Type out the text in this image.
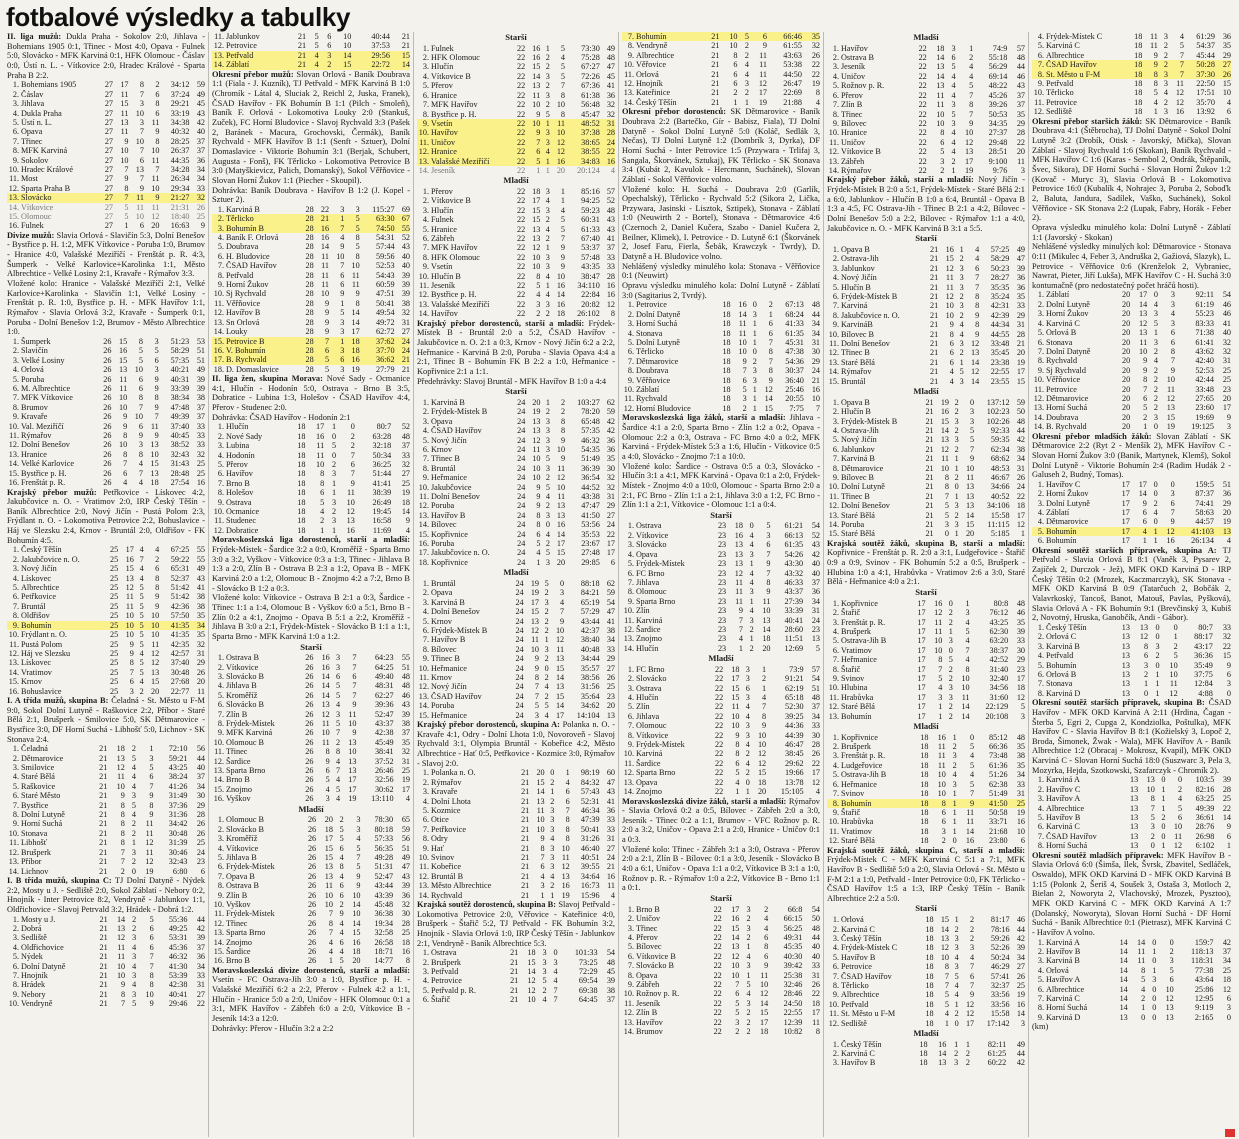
fotbalové výsledky a tabulky
II. liga mužů: Dukla Praha - Sokolov 2:0, Jihlava - Bohemians 1905 0:1, Třinec - Most 4:0, Opava - Fulnek 5:0, Slovácko - MFK Karviná 0:1, HFK Olomouc - Čáslav 0:0, Ústí n. L. - Vítkovice 2:0, Hradec Králové - Sparta Praha B 2:2.
1.	Bohemians 1905	27	17	8	2	34:12	59
2.	Čáslav	27	11	7	6	37:24	49
3.	Jihlava	27	15	3	8	29:21	45
4.	Dukla Praha	27	11	10	6	33:19	43
5.	Ústí n. L.	27	13	3	11	34:38	42
6.	Opava	27	11	7	9	40:32	40
7.	Třinec	27	9	10	8	28:25	37
8.	MFK Karviná	27	10	7	10	26:37	37
9.	Sokolov	27	10	6	11	44:35	36
10.	Hradec Králové	27	7	13	7	34:28	34
11.	Most	27	9	7	11	26:34	34
12.	Sparta Praha B	27	8	9	10	29:34	33
13.	Slovácko	27	7	11	9	21:27	32
14.	Vítkovice	27	5	11	11	21:31	26
15.	Olomouc	27	5	10	12	18:40	25
16.	Fulnek	27	1	6	20	16:63	9
Divize mužů: Slavia Orlová - Slavičín 5:3, Dolní Benešov - Bystřice p. H. 1:2, MFK Vítkovice - Poruba 1:0, Brumov - Hranice 4:0, Valašské Meziříčí - Frenštát p. R. 4:3, Šumperk - Velké Karlovice+Karolinka 1:1, Město Albrechtice - Velké Losiny 2:1, Kravaře - Rýmařov 3:3.
Vložené kolo: Hranice - Valašské Meziříčí 2:1, Velké Karlovice+Karolinka - Slavičín 1:1, Velké Losiny - Frenštát p. R. 1:0, Bystřice p. H. - MFK Havířov 1:1, Rýmařov - Slavia Orlová 3:2, Kravaře - Šumperk 0:1, Poruba - Dolní Benešov 1:2, Brumov - Město Albrechtice 1:0.
1.	Šumperk	26	15	8	3	51:23	53
2.	Slavičín	26	16	5	5	58:29	51
3.	Velké Losiny	26	15	5	6	57:35	51
4.	Orlová	26	13	10	3	40:21	49
5.	Poruba	26	11	6	9	40:31	39
6.	M. Albrechtice	26	11	6	9	33:39	39
7.	MFK Vítkovice	26	10	8	8	38:34	38
8.	Brumov	26	10	7	9	47:48	37
9.	Kravaře	26	9	10	7	49:39	37
10.	Val. Meziříčí	26	9	6	11	37:40	33
11.	Rýmařov	26	8	9	9	40:45	33
12.	Dolní Benešov	26	10	3	13	38:52	33
13.	Hranice	26	8	8	10	32:43	32
14.	Velké Karlovice	26	7	4	15	31:43	25
15.	Bystřice p. H.	26	6	7	13	28:48	25
16.	Frenštát p. R.	26	4	4	18	27:54	16
Krajský přebor mužů: Petřkovice - Lískovec 4:2, Jakubčovice n. O. - Vratimov 2:0, IRP Český Těšín - Baník Albrechtice 2:0, Nový Jičín - Pustá Polom 2:3, Frýdlant n. O. - Lokomotiva Petrovice 2:2, Bohuslavice - Háj ve Slezsku 2:4, Krnov - Bruntál 2:0, Oldřišov - FK Bohumín 4:5.
1.	Český Těšín	25	17	4	4	67:25	55
2.	Jakubčovice n. O.	25	16	7	2	59:22	55
3.	Nový Jičín	25	15	4	6	65:31	49
4.	Lískovec	25	13	4	8	52:37	43
5.	Albrechtice	25	12	5	8	51:42	41
6.	Petřkovice	25	11	5	9	51:42	38
7.	Bruntál	25	11	5	9	42:36	38
8.	Oldřišov	25	10	5	10	57:50	35
9.	Bohumín	25	10	5	10	41:35	34
10.	Frýdlant n. O.	25	10	5	10	41:35	35
11.	Pustá Polom	25	9	5	11	42:35	32
12.	Háj ve Slezsku	25	9	4	12	42:57	31
13.	Lískovec	25	8	5	12	37:40	29
14.	Vratimov	25	7	5	13	30:48	26
15.	Krnov	25	6	4	15	27:68	20
16.	Bohuslavice	25	3	2	20	22:77	11
I. A třída mužů, skupina B: Čeladná - St. Město u F-M 9:0, Sokol Dolní Lutyně - Raškovice 2:2, Příbor - Staré Bělá 2:1, Brušperk - Smilovice 5:0, SK Dětmarovice - Bystřice 3:0, DF Horní Suchá - Libhošť 5:0, Lichnov - SK Stonava 2:4.
1.	Čeladná	21	18	2	1	72:10	56
2.	Dětmarovice	21	13	5	3	59:21	44
3.	Smilovice	21	12	4	5	43:25	40
4.	Staré Bělá	21	11	4	6	38:24	37
5.	Raškovice	21	10	4	7	41:26	34
6.	Staré Město	21	9	3	9	31:49	30
7.	Bystřice	21	8	5	8	37:36	29
8.	Dolní Lutyně	21	8	4	9	31:36	28
9.	Horní Suchá	21	8	2	11	34:42	26
10.	Stonava	21	8	2	11	30:48	26
11.	Libhošť	21	8	1	12	31:39	25
12.	Brušperk	21	7	3	11	30:46	24
13.	Příbor	21	7	2	12	32:43	23
14.	Lichnov	21	2	0	19	6:80	6
I. B třída mužů, skupina C: TJ Dolní Datyně - Nýdek 2:2, Mosty u J. - Sedliště 2:0, Sokol Záblatí - Nebory 0:2, Hnojník - Inter Petrovice 8:2, Vendryně - Jablunkov 1:1, Oldřichovice - Slavoj Petrvald 3:2, Hrádek - Dobrá 1:2.
1.	Mosty u J.	21	14	2	5	55:36	44
2.	Dobrá	21	13	2	6	49:25	42
3.	Sedliště	21	12	3	6	53:31	39
4.	Oldřichovice	21	11	4	6	45:36	37
5.	Nýdek	21	11	3	7	46:32	36
6.	Dolní Datyně	21	10	4	7	41:30	34
7.	Hnojník	21	10	3	8	53:39	33
8.	Hrádek	21	9	4	8	42:38	31
9.	Nebory	21	8	3	10	40:41	27
10.	Vendryně	21	7	5	9	29:46	22
11.	Jablunkov	21	5	6	10	40:44	21
12.	Petrovice	21	5	6	10	37:53	21
13.	Petřvald	21	4	3	14	29:56	15
14.	Záblatí	21	4	2	15	22:72	14
Okresní přebor mužů: Slovan Orlová - Baník Doubrava 1:1 (Fiala - J. Kuzník), TJ Petřvald - MFK Karviná B 1:0 (Chromík - Látal 4, Sluciak 2, Reichl 2, Juska, Franek), ČSAD Havířov - FK Bohumín B 1:1 (Pilch - Smoleň), Baník F. Orlová - Lokomotiva Louky 2:0 (Stankuš, Zuček), FC Horní Bludovice - Slavoj Rychvald 3:3 (Pašek 2, Baránek - Macura, Grochovski, Čermák), Baník Rychvald - MFK Havířov B 1:1 (Senft - Sztuer), Dolní Domaslavice - Viktorie Bohumín 3:1 (Berjak, Schubert, Augusta - Fonš), FK Těrlicko - Lokomotiva Petrovice B 3:0 (Matyškievicz, Palich, Domanský), Sokol Věřňovice - Slovan Horní Žukov 1:1 (Piecher - Skoupil).
Dohrávka: Baník Doubrava - Havířov B 1:2 (J. Kopel - Sztuer 2).
1.	Karviná B	28	22	3	3	115:27	69
2.	Těrlicko	28	21	1	5	63:30	67
3.	Bohumín B	28	16	7	5	74:50	55
4.	Baník F. Orlová	28	16	4	8	54:31	52
5.	Doubrava	28	14	9	5	57:44	43
6.	H. Bludovice	28	11	10	8	59:56	40
7.	ČSAD Havířov	28	11	7	10	52:53	40
8.	Petřvald	28	11	6	11	54:43	39
9.	Horní Žukov	28	11	6	11	60:59	39
10.	Sj Rychvald	28	10	9	9	47:51	39
11.	Věřňovice	28	9	1	8	50:41	38
12.	Havířov B	28	9	5	14	49:54	32
13.	Sn Orlová	28	9	3	14	49:72	31
14.	Louky	28	9	3	17	62:72	27
15.	Petrovice B	28	7	1	18	37:62	24
16.	V. Bohumín	28	6	3	18	37:70	24
17.	B. Rychvald	28	5	6	16	36:62	21
18.	D. Domaslavice	28	5	3	19	27:79	21
II. liga žen, skupina Morava: Nové Sady - Ocmanice 4:1, Hlučín - Hodonín 5:0, Ostrava - Brno B 3:5, Dobratice - Lubina 1:3, Holešov - ČSAD Havířov 4:4, Přerov - Studenec 2:0.
Dohrávka: ČSAD Havířov - Hodonín 2:1
1.	Hlučín	18	17	1	0	80:7	52
2.	Nové Sady	18	16	0	2	63:28	48
3.	Lubina	18	11	5	2	32:18	37
4.	Hodonín	18	11	0	7	50:34	33
5.	Přerov	18	10	2	6	36:25	32
6.	Havířov	18	8	3	7	51:44	27
7.	Brno B	18	8	1	9	41:41	25
8.	Holešov	18	6	1	11	38:39	19
9.	Ostrava	18	5	3	10	26:49	18
10.	Ocmanice	18	4	2	12	19:45	14
11.	Studenec	18	2	3	13	16:58	9
12.	Dobratice	18	1	1	16	11:69	4
Moravskoslezská liga dorostenců, starší a mladší: Frýdek-Místek - Šardice 3:2 a 0:0, Kroměříž - Sparta Brno 3:0 a 3:2, Vyškov - Vítkovice 0:3 a 1:3, Třinec - Jihlava B 1:3 a 2:0, Zlín B - Ostrava B 2:3 a 1:2, Opava B - MFK Karviná 2:0 a 1:2, Olomouc B - Znojmo 4:2 a 7:2, Brno B - Slovácko B 1:2 a 0:3.
Vložené kolo: Vítkovice - Ostrava B 2:1 a 0:3, Šardice - Třinec 1:1 a 1:4, Olomouc B - Vyškov 6:0 a 5:1, Brno B - Zlín 0:2 a 4:1, Znojmo - Opava B 5:1 a 2:2, Kroměříž - Jihlava B 3:0 a 2:1, Frýdek-Místek - Slovácko B 1:1 a 1:1, Sparta Brno - MFK Karviná 1:0 a 1:2.
Starší
1.	Ostrava B	26	16	3	7	64:23	55
2.	Vítkovice	26	16	3	7	64:25	51
3.	Slovácko B	26	14	6	6	49:40	48
4.	Jihlava B	26	14	5	7	48:31	48
5.	Kroměříž	26	14	5	7	62:27	46
6.	Slovácko B	26	13	4	9	39:36	43
7.	Zlín B	26	12	3	11	52:47	39
8.	Frýdek-Místek	26	11	5	10	43:37	38
9.	MFK Karviná	26	10	7	9	42:38	37
10.	Olomouc B	26	11	2	13	45:49	35
11.	Třinec	26	8	8	10	38:41	32
12.	Šardice	26	9	4	13	37:52	31
13.	Sparta Brno	26	6	7	13	26:46	25
14.	Brno B	26	5	4	17	32:56	19
15.	Znojmo	26	4	5	17	30:62	17
16.	Vyškov	26	3	4	19	13:110	4
Mladší
1.	Olomouc B	26	20	2	3	78:30	65
2.	Slovácko B	26	18	5	3	80:18	59
3.	Kroměříž	26	17	5	4	57:33	56
4.	Vítkovice	26	15	6	5	56:35	51
5.	Jihlava B	26	15	4	7	49:28	49
6.	Frýdek-Místek	26	13	8	5	51:31	47
7.	Opava B	26	13	4	9	52:47	43
8.	Ostrava B	26	11	6	9	43:44	39
9.	Zlín B	26	10	6	10	43:39	36
10.	Vyškov	26	10	2	14	45:48	32
11.	Frýdek-Místek	26	7	9	10	36:38	30
12.	Třinec	26	8	4	14	19:34	28
13.	Sparta Brno	26	7	4	15	32:58	25
14.	Znojmo	26	4	6	16	26:58	18
15.	Šardice	26	4	4	18	18:71	16
16.	Brno B	26	1	5	20	14:77	8
Moravskoslezská divize dorostenců, starší a mladší: Vsetín - FC Ostrava-Jih 3:0 a 1:0, Bystřice p. H. - Valašské Meziříčí 6:2 a 2:2, Přerov - Fulnek 4:2 a 1:1, Hlučín - Hranice 5:0 a 2:0, Uničov - HFK Olomouc 0:1 a 3:1, MFK Havířov - Zábřeh 6:0 a 2:0, Vítkovice B - Jeseník 14:3 a 12:0.
Dohrávky: Přerov - Hlučín 3:2 a 2:2
Starší
1.	Fulnek	22	16	1	5	73:30	49
2.	HFK Olomouc	22	16	2	4	75:28	48
3.	Hlučín	22	15	2	5	67:27	47
4.	Vítkovice B	22	14	3	5	72:26	45
5.	Přerov	22	13	2	7	67:36	41
6.	Hranice	22	11	3	8	61:38	36
7.	MFK Havířov	22	10	2	10	56:48	32
8.	Bystřice p. H.	22	9	5	8	45:47	32
9.	Vsetín	22	10	1	11	48:52	31
10.	Havířov	22	9	3	10	37:38	28
11.	Uničov	22	7	3	12	38:65	24
12.	Hranice	22	6	4	12	38:55	22
13.	Valašské Meziříčí	22	5	1	16	34:83	16
14.	Jeseník	22	1	1	20	20:124	4
Mladší
1.	Přerov	22	18	3	1	85:16	57
2.	Vítkovice B	22	17	4	1	94:25	52
3.	Hlučín	22	15	3	4	59:23	48
4.	Fulnek	22	15	2	5	60:31	43
5.	Hranice	22	13	4	5	61:33	43
6.	Zábřeh	22	13	2	7	67:40	41
7.	MFK Havířov	22	12	1	9	53:37	37
8.	HFK Olomouc	22	10	3	9	57:48	33
9.	Vsetín	22	10	3	9	43:35	33
10.	Hlučín B	22	8	4	10	38:47	28
11.	Jeseník	22	5	1	16	34:110	16
12.	Bystřice p. H.	22	4	4	14	22:84	16
13.	Valašské Meziříčí	22	3	3	16	20:82	12
14.	Havířov	22	2	2	18	26:102	8
Krajský přebor dorostenců, starší a mladší: Frýdek-Místek B - Bruntál 2:0 a 5:2, ČSAD Havířov - Jakubčovice n. O. 2:1 a 0:3, Krnov - Nový Jičín 6:2 a 2:2, Heřmanice - Karviná B 2:0, Poruba - Slavia Opava 4:4 a 2:1, Třinec B - Bohumín FK B 2:2 a 1:0, Heřmanice - Kopřivnice 2:1 a 1:1.
Předehrávky: Slavoj Bruntál - MFK Havířov B 1:0 a 4:4
Starší
1.	Karviná B	24	20	1	2	103:27	62
2.	Frýdek-Místek B	24	19	2	2	78:20	59
3.	Opava	24	13	3	8	65:48	42
4.	ČSAD Havířov	24	13	3	8	57:35	42
5.	Nový Jičín	24	12	3	9	46:32	36
6.	Krnov	24	11	3	10	54:35	36
7.	Třinec B	24	10	5	9	51:49	35
8.	Bruntál	24	10	3	11	36:39	30
9.	Heřmanice	24	10	2	12	36:54	32
10.	Jakubčovice	24	9	5	10	44:52	32
11.	Dolní Benešov	24	9	4	11	43:38	31
12.	Poruba	24	9	2	13	47:47	29
13.	Havířov B	24	8	3	13	41:50	27
14.	Bílovec	24	8	0	16	53:56	24
15.	Kopřivnice	24	6	4	14	35:53	22
16.	Poruba	24	5	2	17	23:67	17
17.	Jakubčovice n. O.	24	4	5	15	27:48	17
18.	Kopřivnice	24	1	3	20	29:85	6
Mladší
1.	Bruntál	24	19	5	0	88:18	62
2.	Opava	24	19	2	3	84:21	59
3.	Karviná B	24	17	3	4	65:19	54
4.	Dolní Benešov	24	15	2	7	57:29	47
5.	Krnov	24	13	2	9	43:44	41
6.	Frýdek-Místek B	24	12	2	10	42:37	38
7.	Havířov B	24	11	1	12	38:40	34
8.	Bílovec	24	10	3	11	40:48	33
9.	Třinec B	24	9	2	13	34:44	29
10.	Heřmanice	24	9	0	15	35:57	27
11.	Krnov	24	8	2	14	38:56	26
12.	Nový Jičín	24	7	4	13	31:56	25
13.	ČSAD Havířov	24	7	2	15	35:64	23
14.	Poruba	24	5	5	14	34:62	20
15.	Heřmanice	24	3	4	17	14:104	13
Krajský přebor dorostenců, skupina A: Polanka n. O. - Kravaře 4:1, Odry - Dolní Lhota 1:0, Novoroveň - Slavoj Rychvald 3:1, Olympia Bruntál - Kobeřice 4:2, Město Albrechtice - Hať 0:5, Petřkovice - Kozmice 3:0, Rýmařov - Slavoj 2:0.
1.	Polanka n. O.	21	20	0	1	98:19	60
2.	Rýmařov	21	15	2	4	84:32	47
3.	Kravaře	21	14	1	6	57:43	43
4.	Dolní Lhota	21	13	2	6	52:31	41
5.	Kozmice	21	11	3	7	46:34	36
6.	Otice	21	10	3	8	47:39	33
7.	Petřkovice	21	10	3	8	50:41	33
8.	Odry	21	9	4	8	31:26	31
9.	Hať	21	8	3	10	46:40	27
10.	Svinov	21	7	3	11	40:51	24
11.	Kobeřice	21	6	3	12	39:55	21
12.	Bruntál B	21	4	4	13	34:64	16
13.	Město Albrechtice	21	3	2	16	16:73	11
14.	Rychvald	21	1	1	19	15:96	4
Krajská soutěž dorostenců, skupina B: Slavoj Petřvald - Lokomotiva Petrovice 2:0, Věřovice - Kateřinice 4:0, Brušperk - Štařič 5:2, TJ Petřvald - FK Bohumín 3:2, Hnojník - Slavia Orlová 1:0, IRP Český Těšín - Jablunkov 2:1, Vendryně - Baník Albrechtice 5:3.
1.	Ostrava	21	18	3	0	101:33	54
2.	Brušperk	21	15	3	3	73:25	48
3.	Petřvald	21	14	3	4	72:29	45
4.	Petrovice	21	12	5	4	69:54	39
5.	Petřvald p. R.	21	12	2	7	69:38	38
6.	Štařič	21	10	4	7	64:45	37
7.	Bohumín	21	10	5	6	66:46	35
8.	Vendryně	21	10	2	9	61:55	32
9.	Albrechtice	21	8	2	11	43:63	26
10.	Věřovice	21	6	4	11	53:38	22
11.	Orlová	21	6	4	11	44:50	22
12.	Hnojník	21	6	3	12	26:47	19
13.	Kateřinice	21	2	2	17	22:69	8
14.	Český Těšín	21	1	1	19	21:88	4
Okresní přebor dorostenců: SK Dětmarovice - Baník Doubrava 2:2 (Bartečko, Gír - Babisz, Fiala), TJ Dolní Datyně - Sokol Dolní Lutyně 5:0 (Koláč, Sedlák 3, Nečas), TJ Dolní Lutyně 1:2 (Dombrík 3, Dyrka), DF Horní Suchá - Inter Petrovice 1:5 (Przywara - Trlifaj 3, Sangala, Škorvánek, Sztukaj), FK Těrlicko - SK Stonava 3:4 (Kubát 2, Kavulok - Hercmann, Suchánek), Slovan Záblatí - Sokol Věřňovice volno.
Vložené kolo: H. Suchá - Doubrava 2:0 (Garlík, Opechalský), Těrlicko - Rychvald 5:2 (Sikora 2, Lička, Przywara, Jasinski - Lisztok, Sztipek), Stonava - Záblatí 1:0 (Neuwirth 2 - Bortel), Stonava - Dětmarovice 4:6 (Czernoch 2, Daniel Kučera, Szabo - Daniel Kučera 2, Beilner, Klimek), I. Petrovice - D. Lutyně 6:1 (Škorvánek 2, Josef Faru, Fierla, Šebák, Krawczyk - Twrdy), D. Datyně a H. Bludovice volno.
Nehlášený výsledky minulého kola: Stonava - Věřňovice 0:1 (Neuwirt)
Opravu výsledku minulého kola: Dolní Lutyně - Záblatí 3:0 (Sagitarius 2, Tvrdý).
1.	Petrovice	18	16	0	2	67:13	48
2.	Dolní Datyně	18	14	3	1	68:24	44
3.	Horní Suchá	18	11	1	6	41:33	34
4.	Stonava	18	11	1	6	61:35	34
5.	Dolní Lutyně	18	10	1	7	45:31	31
6.	Těrlicko	18	10	0	8	47:38	30
7.	Dětmarovice	18	9	2	7	54:36	29
8.	Doubrava	18	7	3	8	30:37	24
9.	Věřňovice	18	6	3	9	36:40	21
10.	Záblatí	18	5	1	12	25:46	16
11.	Rychvald	18	3	1	14	20:55	10
12.	Horní Bludovice	18	2	1	15	7:75	7
Moravskoslezská liga žáků, starší a mladší: Jihlava - Šardice 4:1 a 2:0, Sparta Brno - Zlín 1:2 a 0:2, Opava - Olomouc 2:2 a 0:3, Ostrava - FC Brno 4:0 a 0:2, MFK Karviná - Frýdek-Místek 5:3 a 1:6, Hlučín - Vítkovice 0:5 a 4:0, Slovácko - Znojmo 7:1 a 10:0.
Vložené kolo: Šardice - Ostrava 0:5 a 0:3, Slovácko - Hlučín 3:1 a 4:1, MFK Karviná - Opava 0:1 a 2:0, Frýdek-Místek - Znojmo 4:0 a 10:0, Olomouc - Sparta Brno 2:0 a 2:1, FC Brno - Zlín 1:1 a 2:1, Jihlava 3:0 a 1:2, FC Brno - Zlín 1:1 a 2:1, Vítkovice - Olomouc 1:1 a 0:4.
Starší
1.	Ostrava	23	18	0	5	61:21	54
2.	Vítkovice	23	16	4	3	66:13	52
3.	Slovácko	23	13	4	6	61:35	43
4.	Opava	23	13	3	7	54:26	42
5.	Frýdek-Místek	23	13	1	9	43:30	40
6.	FC Brno	23	12	4	7	43:32	40
7.	Jihlava	23	11	4	8	46:33	37
8.	Olomouc	23	11	3	9	43:37	36
9.	Sparta Brno	23	11	1	11	27:39	34
10.	Zlín	23	9	4	10	33:39	31
11.	Karviná	23	7	3	13	40:41	24
12.	Šardice	23	7	2	14	28:60	23
13.	Znojmo	23	4	1	18	11:51	13
14.	Hlučín	23	1	2	20	12:69	5
Mladší
1.	FC Brno	22	18	3	1	73:9	57
2.	Slovácko	22	17	3	2	91:21	54
3.	Ostrava	22	15	6	1	62:19	51
4.	Hlučín	22	15	3	4	65:18	48
5.	Zlín	22	11	4	7	52:30	37
6.	Jihlava	22	10	4	8	39:25	34
7.	Olomouc	22	10	3	9	44:36	33
8.	Vítkovice	22	9	3	10	44:39	30
9.	Frýdek-Místek	22	8	4	10	46:47	28
10.	Karviná	22	8	2	12	38:45	26
11.	Šardice	22	6	4	12	29:62	22
12.	Sparta Brno	22	5	2	15	19:66	17
13.	Opava	22	4	0	18	13:78	12
14.	Znojmo	22	1	1	20	15:105	4
Moravskoslezská divize žáků, starší a mladší: Rýmařov - Slavia Orlová 0:2 a 0:5, Bílovec - Zábřeh 2:0 a 3:0, Jeseník - Třinec 0:2 a 1:1, Brumov - VFC Rožnov p. R. 2:0 a 3:2, Uničov - Opava 2:1 a 2:0, Hranice - Uničov 0:1 a 0:3.
Vložené kolo: Třinec - Zábřeh 3:1 a 3:0, Ostrava - Přerov 2:0 a 2:1, Zlín B - Bílovec 0:1 a 3:0, Jeseník - Slovácko B 4:0 a 6:1, Uničov - Opava 1:1 a 0:2, Vítkovice B 3:1 a 1:0, Rožnov p. R. - Rýmařov 1:0 a 2:2, Vítkovice B - Brno 1:1 a 0:1.
Starší
1.	Brno B	22	17	3	2	66:8	54
2.	Uničov	22	16	2	4	66:15	50
3.	Třinec	22	15	3	4	56:25	48
4.	Přerov	22	14	2	6	49:31	44
5.	Bílovec	22	13	1	8	45:35	40
6.	Vítkovice B	22	12	4	6	40:30	40
7.	Slovácko B	22	10	3	9	39:42	33
8.	Opava	22	10	1	11	25:38	31
9.	Zábřeh	22	7	5	10	32:46	26
10.	Rožnov p. R.	22	6	4	12	28:46	22
11.	Jeseník	22	5	3	14	24:50	18
12.	Zlín B	22	5	2	15	22:55	17
13.	Havířov	22	3	2	17	12:39	11
14.	Brumov	22	2	2	18	10:82	8
Mladší
1.	Havířov	22	18	3	1	74:9	57
2.	Ostrava B	22	14	6	2	55:18	48
3.	Jeseník	22	13	5	4	56:29	44
4.	Uničov	22	14	4	4	69:14	46
5.	Rožnov p. R.	22	13	4	5	48:22	43
6.	Přerov	22	11	4	7	45:26	37
7.	Zlín B	22	11	3	8	39:26	37
8.	Třinec	22	10	5	7	50:53	35
9.	Bílovec	22	10	3	9	34:35	29
10.	Hranice	22	8	4	10	27:37	28
11.	Uničov	22	6	4	12	29:48	22
12.	Vítkovice B	22	5	4	13	28:51	20
13.	Zábřeh	22	3	2	17	9:100	11
14.	Rýmařov	22	2	1	19	9:76	3
Krajský přebor žáků, starší a mladší: Nový Jičín - Frýdek-Místek B 2:0 a 5:1, Frýdek-Místek - Staré Bělá 2:1 a 6:0, Jablunkov - Hlučín B 1:0 a 6:4, Bruntál - Opava B 1:3 a 4:5, FC Ostrava-Jih - Třinec B 2:1 a 4:2, Bílovec - Dolní Benešov 5:0 a 2:2, Bílovec - Rýmařov 1:1 a 4:0, Jakubčovice n. O. - MFK Karviná B 3:1 a 5:5.
Starší
1.	Opava B	21	16	1	4	57:25	49
2.	Ostrava-Jih	21	15	2	4	58:29	47
3.	Jablunkov	21	12	3	6	50:23	39
4.	Nový Jičín	21	11	3	7	28:27	36
5.	Hlučín B	21	11	3	7	35:35	36
6.	Frýdek-Místek B	21	12	2	8	35:24	35
7.	Karviná	21	10	3	8	42:31	33
8.	Jakubčovice n. O.	21	10	2	9	42:39	29
9.	KarvináB	21	9	4	8	44:34	31
10.	Bílovec B	21	8	4	9	44:55	28
11.	Dolní Benešov	21	6	3	12	33:48	21
12.	Třinec B	21	6	2	13	35:45	20
13.	Staré Bělá	21	6	1	14	23:38	19
14.	Rýmařov	21	4	5	12	22:55	17
15.	Bruntál	21	4	3	14	23:55	15
Mladší
1.	Opava B	21	19	2	0	137:12	59
2.	Hlučín B	21	16	2	3	102:23	50
3.	Frýdek-Místek B	21	15	3	3	102:26	48
4.	Ostrava-Jih	21	14	2	5	92:33	44
5.	Nový Jičín	21	13	3	5	59:35	42
6.	Jablunkov	21	12	2	7	62:34	38
7.	Karviná B	21	11	1	9	68:62	34
8.	Dětmarovice	21	10	1	10	48:53	31
9.	Bílovec B	21	8	2	11	46:67	26
10.	Dolní Lutyně	21	8	0	13	34:66	24
11.	Třinec B	21	7	1	13	40:52	22
12.	Dolní Benešov	21	5	3	13	34:106	18
13.	Staré Bělá	21	5	2	14	15:58	17
14.	Poruba	21	3	3	15	11:115	12
15.	Staré Bělá	21	0	1	20	5:185	1
Krajská soutěž žáků, skupina B, starší a mladší: Kopřivnice - Frenštát p. R. 2:0 a 3:1, Ludgeřovice - Štařič 0:9 a 0:9, Svinov - FK Bohumín 5:2 a 0:5, Brušperk - Hlubina 1:0 a 4:1, Hrabůvka - Vratimov 2:6 a 3:0, Staré Bělá - Heřmanice 4:0 a 2:1.
Starší
1.	Kopřivnice	17	16	0	1	80:8	48
2.	Štařič	17	12	2	3	76:12	46
3.	Frenštát p. R.	17	11	2	4	43:25	35
4.	Brušperk	17	11	1	5	62:30	39
5.	Ostrava-Jih B	17	10	3	4	63:20	33
6.	Vratimov	17	10	0	7	38:37	30
7.	Heřmanice	17	8	5	4	42:52	29
8.	Štařič	17	7	2	8	31:40	23
9.	Svinov	17	5	2	10	32:40	17
10.	Hlubina	17	4	3	10	34:56	18
11.	Hrabůvka	17	3	3	11	31:60	12
12.	Staré Bělá	17	1	2	14	22:129	5
13.	Bohumín	17	1	2	14	20:108	3
Mladší
1.	Kopřivnice	18	16	1	0	85:12	48
2.	Brušperk	18	11	2	5	66:36	35
3.	Frenštát p. R.	18	11	3	4	73:48	38
4.	Ludgeřovice	18	11	2	5	61:36	35
5.	Ostrava-Jih B	18	10	4	4	51:26	34
6.	Heřmanice	18	10	3	5	62:38	33
7.	Svinov	18	10	1	7	51:49	31
8.	Bohumín	18	8	1	9	41:50	25
9.	Štařič	18	6	1	11	50:58	19
10.	Hrabůvka	18	6	1	11	33:71	16
11.	Vratimov	18	3	1	14	21:68	10
12.	Staré Bělá	18	2	0	16	23:80	6
Krajská soutěž žáků, skupina C, starší a mladší: Frýdek-Místek C - MFK Karviná C 5:1 a 7:1, MFK Havířov B - Sedliště 5:0 a 2:0, Slavia Orlová - St. Město u F-M 2:1 a 1:0, Petřvald - Inter Petrovice 0:0, FK Těrlicko - ČSAD Havířov 1:5 a 1:3, IRP Český Těšín - Baník Albrechtice 2:2 a 5:0.
Starší
1.	Orlová	18	15	1	2	81:17	46
2.	Karviná C	18	14	2	2	78:16	44
3.	Český Těšín	18	13	3	2	59:26	42
4.	Frýdek-Místek C	18	12	3	3	52:26	39
5.	Havířov B	18	10	4	4	50:24	34
6.	Petrovice	18	8	3	7	46:29	27
7.	ČSAD Havířov	18	7	5	6	57:41	26
8.	Těrlicko	18	7	4	7	32:37	25
9.	Albrechtice	18	5	4	9	33:56	19
10.	Petřvald	18	5	1	12	33:56	16
11.	St. Město u F-M	18	4	2	12	15:58	14
12.	Sedliště	18	1	0	17	17:142	3
Mladší
1.	Český Těšín	18	16	1	1	82:11	49
2.	Karviná C	18	14	2	2	61:25	44
3.	Havířov B	18	13	3	2	60:22	42
4.	Frýdek-Místek C	18	11	3	4	61:29	36
5.	Karviná C	18	11	2	5	54:37	35
6.	Albrechtice	18	9	2	7	45:44	29
7.	ČSAD Havířov	18	9	2	7	50:28	27
8.	St. Město u F-M	18	8	3	7	37:30	26
9.	Petřvald	18	8	3	11	22:50	15
10.	Těrlicko	18	5	4	12	17:51	10
11.	Petrovice	18	4	2	12	35:70	4
12.	Sedliště	18	1	3	16	13:92	6
Okresní přebor starších žáků: SK Dětmarovice - Baník Doubrava 4:1 (Štěbrocha), TJ Dolní Datyně - Sokol Dolní Lutyně 3:2 (Drobík, Otisk - Javorský, Mička), Slovan Záblatí - Slavoj Rychvald 1:6 (Skokan), Baník Rychvald - MFK Havířov C 1:6 (Karas - Sembol 2, Ondrák, Štěpaník, Švec, Sikora), DF Horní Suchá - Slovan Horní Žukov 1:2 (Kovač - Muryc 3), Slavia Orlová B - Lokomotiva Petrovice 16:0 (Kubalík 4, Nohrajec 3, Poruba 2, Soboďk 2, Baluta, Jandura, Sadílek, Vaško, Suchánek), Sokol Věřňovice - SK Stonava 2:2 (Lupak, Fabry, Horák - Feber 2).
Oprava výsledku minulého kola: Dolní Lutyně - Záblatí 1:1 (Javorský - Skokan)
Nehlášené výsledky minulých kol: Dětmarovice - Stonava 0:11 (Mikulec 4, Feber 3, Andruška 2, Gažiová, Slazyk), L. Petrovice - Věřňovice 0:6 (Krenželok 2, Vybraniec, Nawrat, Pieter, Jiří Lukša), MFK Havířov C - H. Suchá 3:0 kontumačně (pro nedostatečný počet hráčů hosti).
1.	Záblatí	20	17	0	3	92:11	54
2.	Dolní Lutyně	20	14	4	3	61:19	46
3.	Horní Žukov	20	13	3	4	55:23	46
4.	Karviná C	20	12	5	3	83:33	41
5.	Orlová B	20	13	1	6	71:38	40
6.	Stonava	20	11	3	6	61:41	32
7.	Dolní Datyně	20	10	2	8	43:62	32
8.	Rychvald	20	9	4	7	42:40	31
9.	Sj Rychvald	20	9	2	9	52:53	25
10.	Věřňovice	20	8	2	10	42:44	25
11.	Petrovice	20	7	2	11	33:48	23
12.	Dětmarovice	20	6	2	12	27:65	20
13.	Horní Suchá	20	5	2	13	23:60	17
14.	Doubrava	20	2	3	15	19:69	9
14.	B. Rychvald	20	1	0	19	19:125	3
Okresní přebor mladších žáků: Slovan Záblatí - SK Dětmarovice 2:2 (Ryt 2 - Menšík 2), MFK Havířov C - Slovan Horní Žukov 3:0 (Banik, Martynek, Klemš), Sokol Dolní Lutyně - Viktorie Bohumín 2:4 (Radim Hudák 2 - Galuseh 2, Budný, Tomas).
1.	Havířov C	17	17	0	0	159:5	51
2.	Horní Žukov	17	14	0	3	87:37	36
3.	Dolní Lutyně	17	9	2	6	74:41	29
4.	Záblatí	17	6	4	7	58:63	20
4.	Dětmarovice	17	6	0	9	44:57	19
5.	Bohumín	17	4	1	12	41:103	13
6.	Bohumín	17	1	1	16	26:134	4
Okresní soutěž starších přípravek, skupina A: TJ Petřvald - Slavia Orlová B 8:1 (Vaněk 3, Pysarev 2, Zajíček 2, Durczok - Jež), MFK OKD Karviná D - IRP Český Těšín 0:2 (Mrozek, Kaczmarczyk), SK Stonava - MFK OKD Karviná B 0:9 (Tatarčuch 2, Bobčák 2, Valavrkoský, Tancoš, Banot, Matouš, Pavlas, Pyšková), Slavia Orlová A - FK Bohumín 9:1 (Brevčinský 3, Kubiš 2, Novotný, Hruska, Ganobčík, Andi - Gábor).
1.	Český Těšín	13	13	0	0	80:7	33
2.	Orlová C	13	12	0	1	88:17	32
3.	Karviná B	13	8	3	2	43:17	22
4.	Petřvald	13	6	2	5	36:36	15
5.	Bohumín	13	3	0	10	35:49	9
6.	Orlová B	13	2	1	10	37:75	6
7.	Stonava	13	1	1	11	12:84	3
8.	Karviná D	13	0	1	12	4:88	0
Okresní soutěž starších přípravek, skupina B: ČSAD Havířov - MFK OKD Karviná A 2:11 (Hrdina, Čagan - Šterba 5, Egri 2, Cupga 2, Kondziolka, Poštulka), MFK Havířov C - Slavia Havířov B 8:1 (Kožielský 3, Lopoč 2, Broda, Šimonek, Žwak - Wala), MFK Havířov A - Baník Albrechtice 1:2 (Obracaj - Mokrosz, Kvapil), MFK OKD Karviná C - Slovan Horní Suchá 18:0 (Suszwarc 3, Pela 3, Mozyrka, Hejda, Szotkowski, Szafarczyk - Chromík 2).
1.	Karviná A	13	13	0	0	103:5	39
2.	Havířov C	13	10	1	2	82:16	28
3.	Havířov A	13	8	1	4	63:25	25
4.	Albrechtice	13	7	1	5	49:39	22
5.	Havířov B	13	5	2	6	36:61	14
6.	Karviná C	13	3	0	10	28:76	9
7.	ČSAD Havířov	13	2	0	11	26:98	6
8.	Horní Suchá	13	0	1	12	6:102	1
Okresní soutěž mladších přípravek: MFK Havířov B - Slavia Orlová 6:0 (Šimša, Ilek, Švrsk, Zbavitel, Sedláček, Oswaldo), MFK OKD Karviná D - MFK OKD Karviná B 1:15 (Polonk 2, Šeriš 4, Soušek 3, Ostaša 3, Motloch 2, Bielan 2, Noworyta 2, Vlachovský, Mrozek, Pysztoo), MFK OKD Karviná C - MFK OKD Karviná A 1:7 (Dolanský, Noworyta), Slovan Horní Suchá - DF Horní Suchá - Baník Albrechtice 0:1 (Pietrasz), MFK Karviná C - Havířov A volno.
1.	Karviná A	14	14	0	0	159:7	42
2.	Havířov B	14	11	1	2	118:13	37
3.	Karviná B	14	11	0	3	118:31	34
4.	Orlová	14	8	1	5	77:38	25
5.	Havířov A	14	5	3	6	43:64	18
6.	Albrechtice	14	4	0	10	25:86	12
7.	Karviná C	14	2	0	12	12:95	6
8.	Horní Suchá	14	1	0	13	9:119	3
9.	Karviná D	13	0	0	13	2:165	0
(km)
